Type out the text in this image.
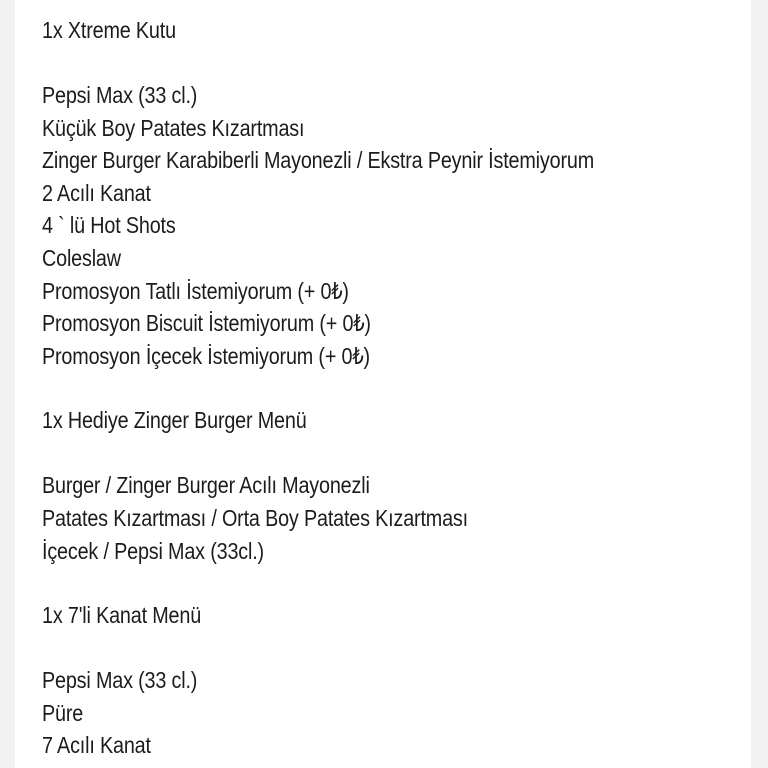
1x Xtreme Kutu
Pepsi Max (33 cl.)
Küçük Boy Patates Kızartması
Zinger Burger Karabiberli Mayonezli / Ekstra Peynir İstemiyorum
2 Acılı Kanat
4 ` lü Hot Shots
Coleslaw
Promosyon Tatlı İstemiyorum (+ 0₺)
Promosyon Biscuit İstemiyorum (+ 0₺)
Promosyon İçecek İstemiyorum (+ 0₺)
1x Hediye Zinger Burger Menü
Burger / Zinger Burger Acılı Mayonezli
Patates Kızartması / Orta Boy Patates Kızartması
İçecek / Pepsi Max (33cl.)
1x 7'li Kanat Menü
Pepsi Max (33 cl.)
Püre
7 Acılı Kanat
